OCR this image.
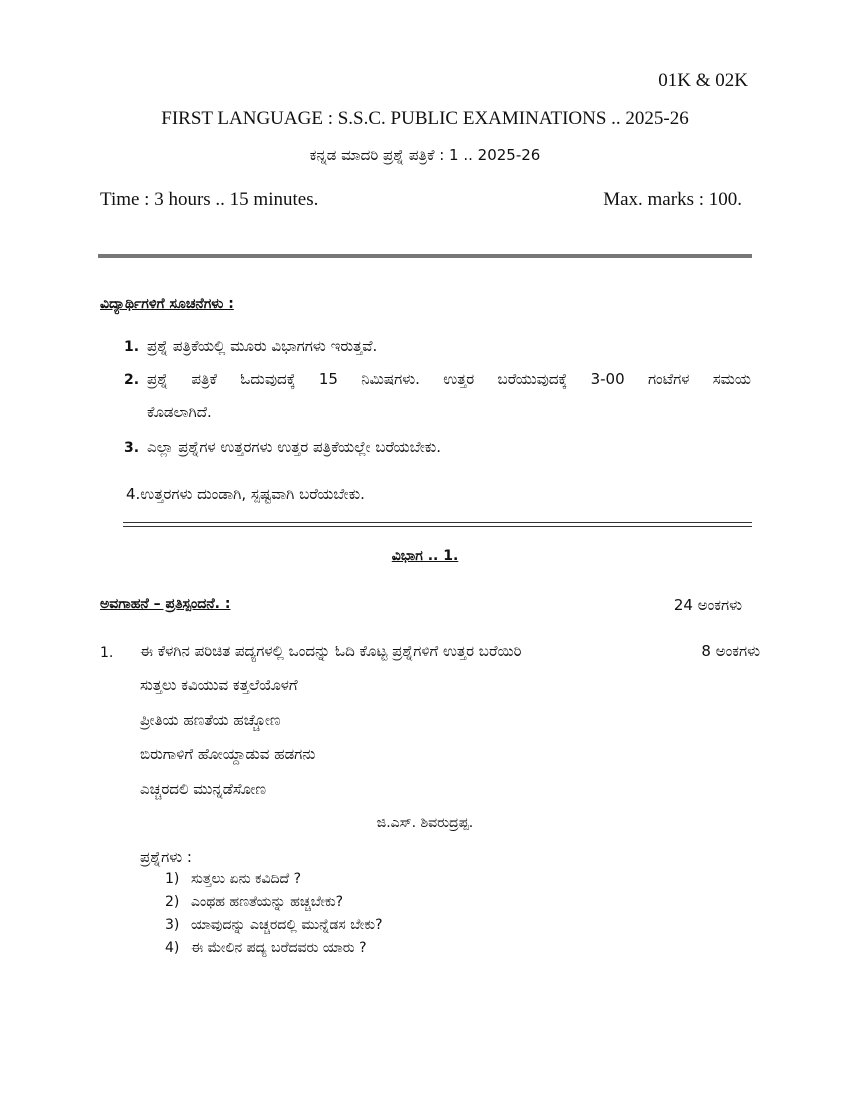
01K & 02K
FIRST LANGUAGE : S.S.C. PUBLIC EXAMINATIONS .. 2025-26
ಕನ್ನಡ ಮಾದರಿ ಪ್ರಶ್ನೆ ಪತ್ರಿಕೆ : 1 .. 2025-26
Time : 3 hours .. 15 minutes.	Max. marks : 100.
ವಿದ್ಯಾರ್ಥಿಗಳಿಗೆ ಸೂಚನೆಗಳು :
1. ಪ್ರಶ್ನೆ ಪತ್ರಿಕೆಯಲ್ಲಿ ಮೂರು ವಿಭಾಗಗಳು ಇರುತ್ತವೆ.
2. ಪ್ರಶ್ನೆ ಪತ್ರಿಕೆ ಓದುವುದಕ್ಕೆ 15 ನಿಮಿಷಗಳು. ಉತ್ತರ ಬರೆಯುವುದಕ್ಕೆ 3-00 ಗಂಟೆಗಳ ಸಮಯ
ಕೊಡಲಾಗಿದೆ.
3. ಎಲ್ಲಾ ಪ್ರಶ್ನೆಗಳ ಉತ್ತರಗಳು ಉತ್ತರ ಪತ್ರಿಕೆಯಲ್ಲೇ ಬರೆಯಬೇಕು.
4.ಉತ್ತರಗಳು ದುಂಡಾಗಿ, ಸ್ಪಷ್ಟವಾಗಿ ಬರೆಯಬೇಕು.
ವಿಭಾಗ .. 1.
ಅವಗಾಹನೆ – ಪ್ರತಿಸ್ಪಂದನೆ. :	24 ಅಂಕಗಳು
1. ಈ ಕೆಳಗಿನ ಪರಿಚಿತ ಪದ್ಯಗಳಲ್ಲಿ ಒಂದನ್ನು ಓದಿ ಕೊಟ್ಟ ಪ್ರಶ್ನೆಗಳಿಗೆ ಉತ್ತರ ಬರೆಯಿರಿ	8 ಅಂಕಗಳು
ಸುತ್ತಲು ಕವಿಯುವ ಕತ್ತಲೆಯೊಳಗೆ
ಪ್ರೀತಿಯ ಹಣತೆಯ ಹಚ್ಚೋಣ
ಬಿರುಗಾಳಿಗೆ ಹೋಯ್ದಾಡುವ ಹಡಗನು
ಎಚ್ಚರದಲಿ ಮುನ್ನಡೆಸೋಣ
ಜಿ.ಎಸ್. ಶಿವರುದ್ರಪ್ಪ.
ಪ್ರಶ್ನೆಗಳು :
1) ಸುತ್ತಲು ಏನು ಕವಿದಿದೆ ?
2) ಎಂಥಹ ಹಣತೆಯನ್ನು ಹಚ್ಚಬೇಕು?
3) ಯಾವುದನ್ನು ಎಚ್ಚರದಲ್ಲಿ ಮುನ್ನೆಡಸ ಬೇಕು?
4) ಈ ಮೇಲಿನ ಪದ್ಯ ಬರೆದವರು ಯಾರು ?
